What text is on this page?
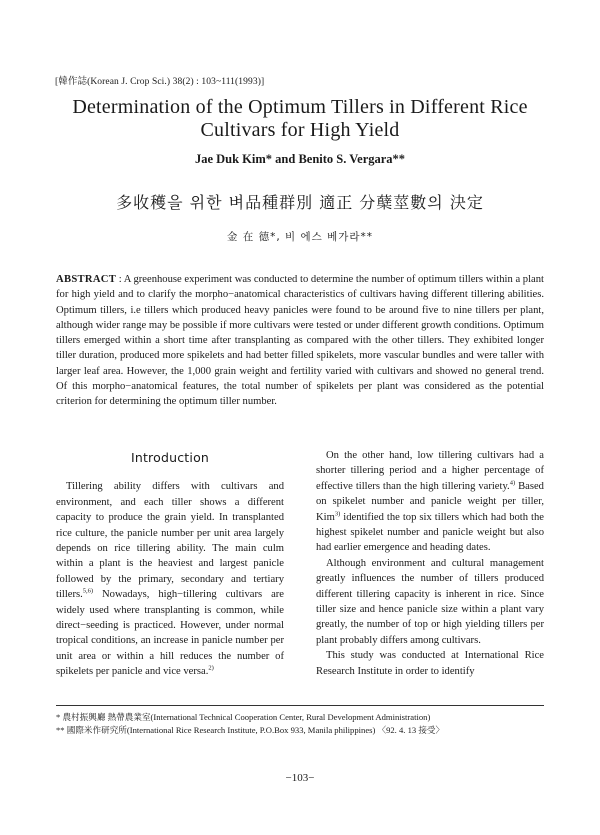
[韓作誌(Korean J. Crop Sci.) 38(2) : 103~111(1993)]
Determination of the Optimum Tillers in Different Rice
Cultivars for High Yield
Jae Duk Kim* and Benito S. Vergara**
多收穫을 위한 벼品種群別 適正 分蘖莖數의 決定
金 在 德*, 비 에스 베가라**

ABSTRACT : A greenhouse experiment was conducted to determine the number of optimum tillers within a plant for high yield and to clarify the morpho−anatomical characteristics of cultivars having different tillering abilities. Optimum tillers, i.e tillers which produced heavy panicles were found to be around five to nine tillers per plant, although wider range may be possible if more cultivars were tested or under different growth conditions. Optimum tillers emerged within a short time after transplanting as compared with the other tillers. They exhibited longer tiller duration, produced more spikelets and had better filled spikelets, more vascular bundles and were taller with larger leaf area. However, the 1,000 grain weight and fertility varied with cultivars and showed no general trend. Of this morpho−anatomical features, the total number of spikelets per plant was considered as the potential criterion for determining the optimum tiller number.

Introduction

Tillering ability differs with cultivars and environment, and each tiller shows a different capacity to produce the grain yield. In transplanted rice culture, the panicle number per unit area largely depends on rice tillering ability. The main culm within a plant is the heaviest and largest panicle followed by the primary, secondary and tertiary tillers.$^{5,6)}$ Nowadays, high−tillering cultivars are widely used where transplanting is common, while direct−seeding is practiced. However, under normal tropical conditions, an increase in panicle number per unit area or within a hill reduces the number of spikelets per panicle and vice versa.$^{2)}$

On the other hand, low tillering cultivars had a shorter tillering period and a higher percentage of effective tillers than the high tillering variety.$^{4)}$ Based on spikelet number and panicle weight per tiller, Kim$^{3)}$ identified the top six tillers which had both the highest spikelet number and panicle weight but also had earlier emergence and heading dates.

Although environment and cultural management greatly influences the number of tillers produced different tillering capacity is inherent in rice. Since tiller size and hence panicle size within a plant vary greatly, the number of top or high yielding tillers per plant probably differs among cultivars.

This study was conducted at International Rice Research Institute in order to identify

* 農村振興廳 熱帶農業室(International Technical Cooperation Center, Rural Development Administration)
** 國際米作研究所(International Rice Research Institute, P.O.Box 933, Manila philippines) 〈92. 4. 13 接受〉
−103−
